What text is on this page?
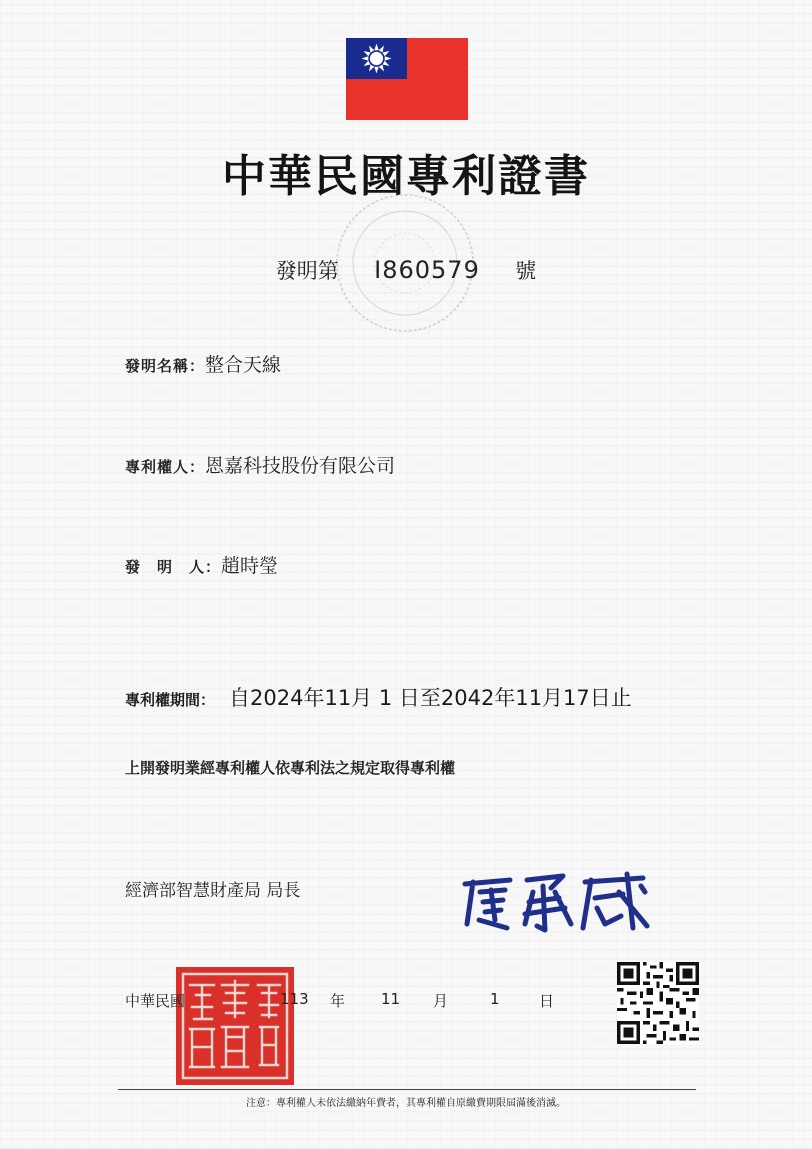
中華民國專利證書
發明第 I860579 號
發明名稱：整合天線
專利權人：恩嘉科技股份有限公司
發　明　人：趙時瑩
專利權期間： 自2024年11月 1 日至2042年11月17日止
上開發明業經專利權人依專利法之規定取得專利權
經濟部智慧財產局 局長
中華民國	113 年 11 月	1	日
注意：專利權人未依法繳納年費者，其專利權自原繳費期限屆滿後消滅。
